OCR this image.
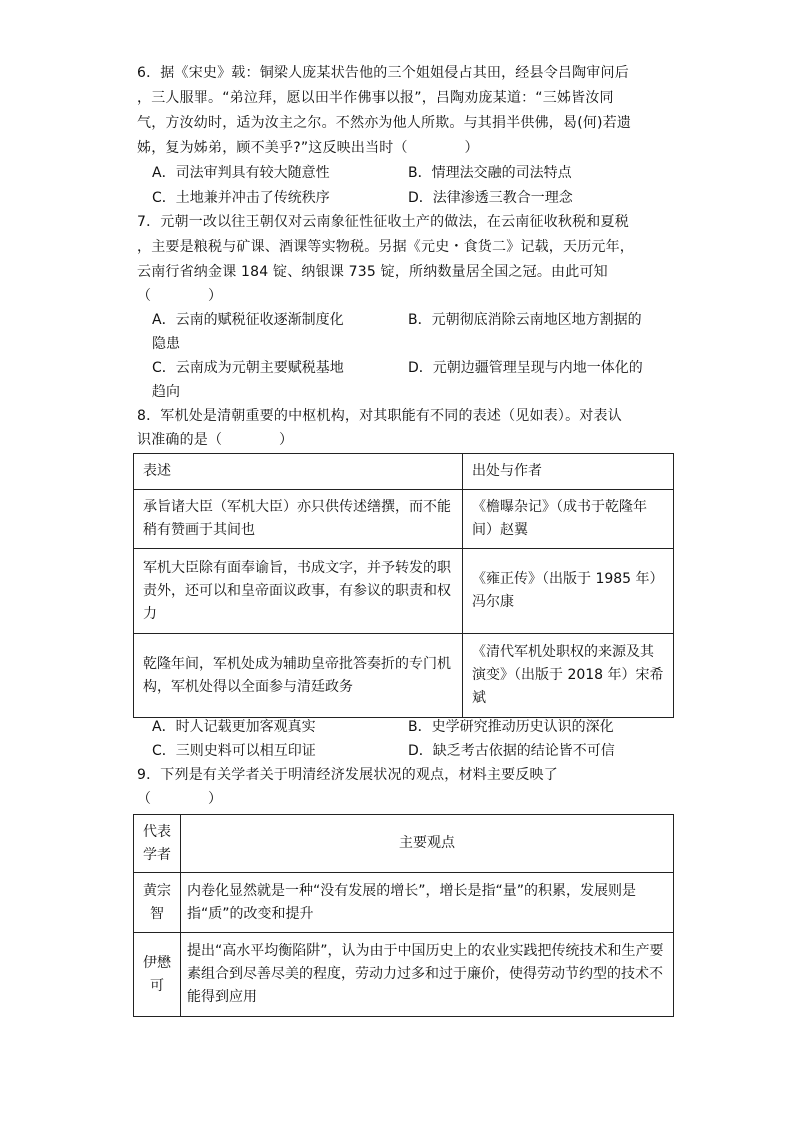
6．据《宋史》载：铜梁人庞某状告他的三个姐姐侵占其田，经县令吕陶审问后
，三人服罪。“弟泣拜，愿以田半作佛事以报”，吕陶劝庞某道：“三姊皆汝同
气，方汝幼时，适为汝主之尔。不然亦为他人所欺。与其捐半供佛，曷(何)若遗
姊，复为姊弟，顾不美乎?”这反映出当时（　　　　）
A．司法审判具有较大随意性	B．情理法交融的司法特点
C．土地兼并冲击了传统秩序	D．法律渗透三教合一理念
7．元朝一改以往王朝仅对云南象征性征收土产的做法，在云南征收秋税和夏税
，主要是粮税与矿课、酒课等实物税。另据《元史・食货二》记载，天历元年，
云南行省纳金课 184 锭、纳银课 735 锭，所纳数量居全国之冠。由此可知
（　　　　）
A．云南的赋税征收逐渐制度化	B．元朝彻底消除云南地区地方割据的
隐患
C．云南成为元朝主要赋税基地	D．元朝边疆管理呈现与内地一体化的
趋向
8．军机处是清朝重要的中枢机构，对其职能有不同的表述（见如表）。对表认
识准确的是（　　　　）
表述	出处与作者
承旨诸大臣（军机大臣）亦只供传述缮撰，而不能稍有赞画于其间也	《檐曝杂记》（成书于乾隆年间）赵翼
军机大臣除有面奉谕旨，书成文字，并予转发的职责外，还可以和皇帝面议政事，有参议的职责和权力	《雍正传》（出版于 1985 年）冯尔康
乾隆年间，军机处成为辅助皇帝批答奏折的专门机构，军机处得以全面参与清廷政务	《清代军机处职权的来源及其演变》（出版于 2018 年）宋希斌
A．时人记载更加客观真实	B．史学研究推动历史认识的深化
C．三则史料可以相互印证	D．缺乏考古依据的结论皆不可信
9．下列是有关学者关于明清经济发展状况的观点，材料主要反映了
（　　　　）
代表学者	主要观点
黄宗智	内卷化显然就是一种“没有发展的增长”，增长是指“量”的积累，发展则是指“质”的改变和提升
伊懋可	提出“高水平均衡陷阱”，认为由于中国历史上的农业实践把传统技术和生产要素组合到尽善尽美的程度，劳动力过多和过于廉价，使得劳动节约型的技术不能得到应用
